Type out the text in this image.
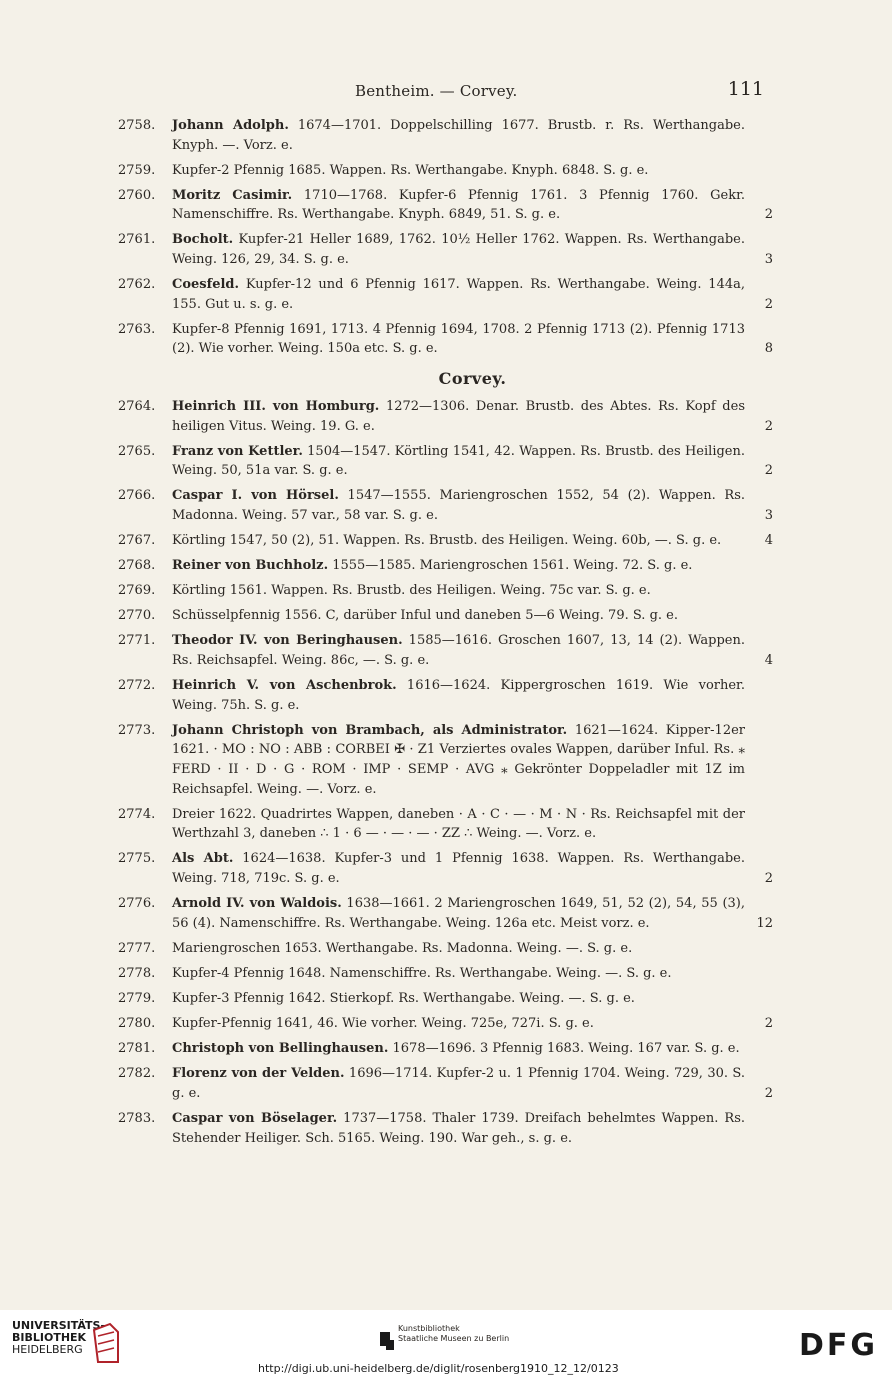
Bentheim. — Corvey.	111
2758.	Johann Adolph. 1674—1701. Doppelschilling 1677. Brustb. r. Rs. Werthangabe. Knyph. —. Vorz. e.
2759.	Kupfer-2 Pfennig 1685. Wappen. Rs. Werthangabe. Knyph. 6848. S. g. e.
2760.	Moritz Casimir. 1710—1768. Kupfer-6 Pfennig 1761. 3 Pfennig 1760. Gekr. Namenschiffre. Rs. Werthangabe. Knyph. 6849, 51. S. g. e.	2
2761.	Bocholt. Kupfer-21 Heller 1689, 1762. 10½ Heller 1762. Wappen. Rs. Werthangabe. Weing. 126, 29, 34. S. g. e.	3
2762.	Coesfeld. Kupfer-12 und 6 Pfennig 1617. Wappen. Rs. Werthangabe. Weing. 144a, 155. Gut u. s. g. e.	2
2763.	Kupfer-8 Pfennig 1691, 1713. 4 Pfennig 1694, 1708. 2 Pfennig 1713 (2). Pfennig 1713 (2). Wie vorher. Weing. 150a etc. S. g. e.	8
Corvey.
2764.	Heinrich III. von Homburg. 1272—1306. Denar. Brustb. des Abtes. Rs. Kopf des heiligen Vitus. Weing. 19. G. e.	2
2765.	Franz von Kettler. 1504—1547. Körtling 1541, 42. Wappen. Rs. Brustb. des Heiligen. Weing. 50, 51a var. S. g. e.	2
2766.	Caspar I. von Hörsel. 1547—1555. Mariengroschen 1552, 54 (2). Wappen. Rs. Madonna. Weing. 57 var., 58 var. S. g. e.	3
2767.	Körtling 1547, 50 (2), 51. Wappen. Rs. Brustb. des Heiligen. Weing. 60b, —. S. g. e.	4
2768.	Reiner von Buchholz. 1555—1585. Mariengroschen 1561. Weing. 72. S. g. e.
2769.	Körtling 1561. Wappen. Rs. Brustb. des Heiligen. Weing. 75c var. S. g. e.
2770.	Schüsselpfennig 1556. C, darüber Inful und daneben 5—6 Weing. 79. S. g. e.
2771.	Theodor IV. von Beringhausen. 1585—1616. Groschen 1607, 13, 14 (2). Wappen. Rs. Reichsapfel. Weing. 86c, —. S. g. e.	4
2772.	Heinrich V. von Aschenbrok. 1616—1624. Kippergroschen 1619. Wie vorher. Weing. 75h. S. g. e.
2773.	Johann Christoph von Brambach, als Administrator. 1621—1624. Kipper-12er 1621. · MO : NO : ABB : CORBEI ✠ · Z1 Verziertes ovales Wappen, darüber Inful. Rs. ⁎ FERD · II · D · G · ROM · IMP · SEMP · AVG ⁎ Gekrönter Doppeladler mit 1Z im Reichsapfel. Weing. —. Vorz. e.
2774.	Dreier 1622. Quadrirtes Wappen, daneben · A · C · — · M · N · Rs. Reichsapfel mit der Werthzahl 3, daneben ∴ 1 · 6 — · — · — · ZZ ∴ Weing. —. Vorz. e.
2775.	Als Abt. 1624—1638. Kupfer-3 und 1 Pfennig 1638. Wappen. Rs. Werthangabe. Weing. 718, 719c. S. g. e.	2
2776.	Arnold IV. von Waldois. 1638—1661. 2 Mariengroschen 1649, 51, 52 (2), 54, 55 (3), 56 (4). Namenschiffre. Rs. Werthangabe. Weing. 126a etc. Meist vorz. e.	12
2777.	Mariengroschen 1653. Werthangabe. Rs. Madonna. Weing. —. S. g. e.
2778.	Kupfer-4 Pfennig 1648. Namenschiffre. Rs. Werthangabe. Weing. —. S. g. e.
2779.	Kupfer-3 Pfennig 1642. Stierkopf. Rs. Werthangabe. Weing. —. S. g. e.
2780.	Kupfer-Pfennig 1641, 46. Wie vorher. Weing. 725e, 727i. S. g. e.	2
2781.	Christoph von Bellinghausen. 1678—1696. 3 Pfennig 1683. Weing. 167 var. S. g. e.
2782.	Florenz von der Velden. 1696—1714. Kupfer-2 u. 1 Pfennig 1704. Weing. 729, 30. S. g. e.	2
2783.	Caspar von Böselager. 1737—1758. Thaler 1739. Dreifach behelmtes Wappen. Rs. Stehender Heiliger. Sch. 5165. Weing. 190. War geh., s. g. e.
UNIVERSITÄTS-
BIBLIOTHEK
HEIDELBERG
Kunstbibliothek
Staatliche Museen zu Berlin	DFG
http://digi.ub.uni-heidelberg.de/diglit/rosenberg1910_12_12/0123
